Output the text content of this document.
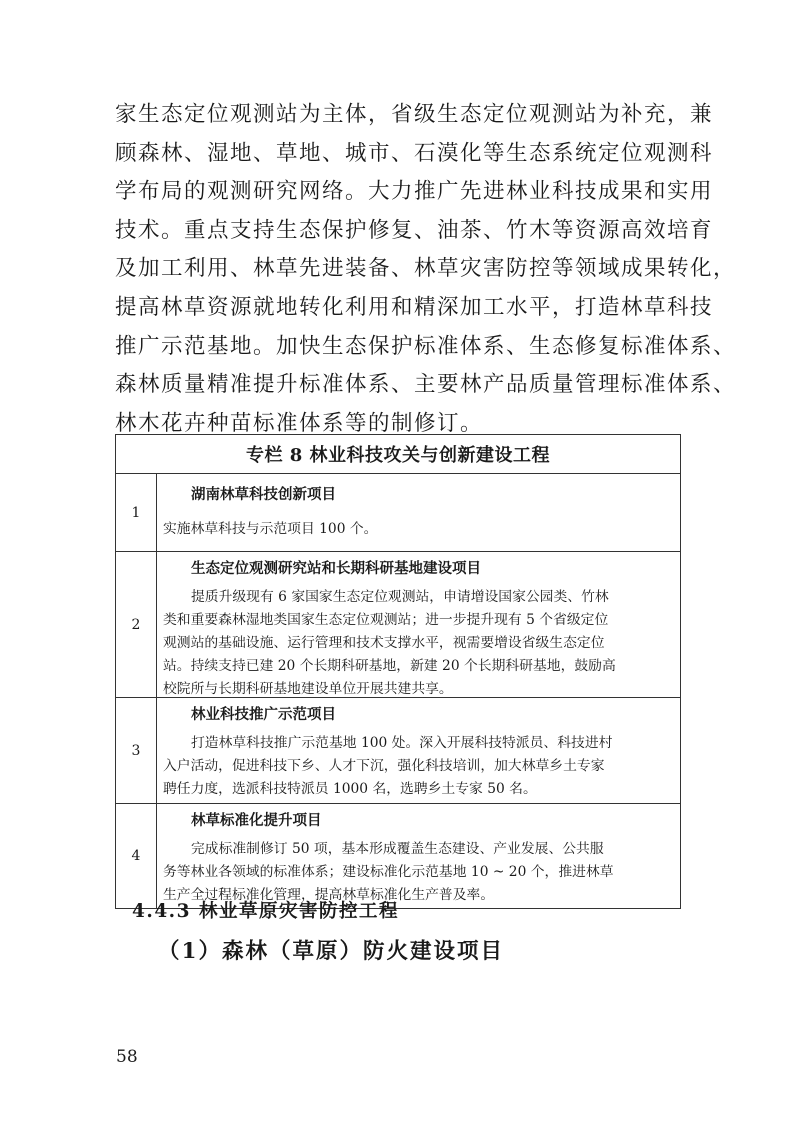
家生态定位观测站为主体，省级生态定位观测站为补充，兼
顾森林、湿地、草地、城市、石漠化等生态系统定位观测科
学布局的观测研究网络。大力推广先进林业科技成果和实用
技术。重点支持生态保护修复、油茶、竹木等资源高效培育
及加工利用、林草先进装备、林草灾害防控等领域成果转化，
提高林草资源就地转化利用和精深加工水平，打造林草科技
推广示范基地。加快生态保护标准体系、生态修复标准体系、
森林质量精准提升标准体系、主要林产品质量管理标准体系、
林木花卉种苗标准体系等的制修订。
专栏 8 林业科技攻关与创新建设工程
1
湖南林草科技创新项目
实施林草科技与示范项目 100 个。
2
生态定位观测研究站和长期科研基地建设项目
提质升级现有 6 家国家生态定位观测站，申请增设国家公园类、竹林
类和重要森林湿地类国家生态定位观测站；进一步提升现有 5 个省级定位
观测站的基础设施、运行管理和技术支撑水平，视需要增设省级生态定位
站。持续支持已建 20 个长期科研基地，新建 20 个长期科研基地，鼓励高
校院所与长期科研基地建设单位开展共建共享。
3
林业科技推广示范项目
打造林草科技推广示范基地 100 处。深入开展科技特派员、科技进村
入户活动，促进科技下乡、人才下沉，强化科技培训，加大林草乡土专家
聘任力度，选派科技特派员 1000 名，选聘乡土专家 50 名。
4
林草标准化提升项目
完成标准制修订 50 项，基本形成覆盖生态建设、产业发展、公共服
务等林业各领域的标准体系；建设标准化示范基地 10 ~ 20 个，推进林草
生产全过程标准化管理，提高林草标准化生产普及率。
4.4.3 林业草原灾害防控工程
（1）森林（草原）防火建设项目
58
